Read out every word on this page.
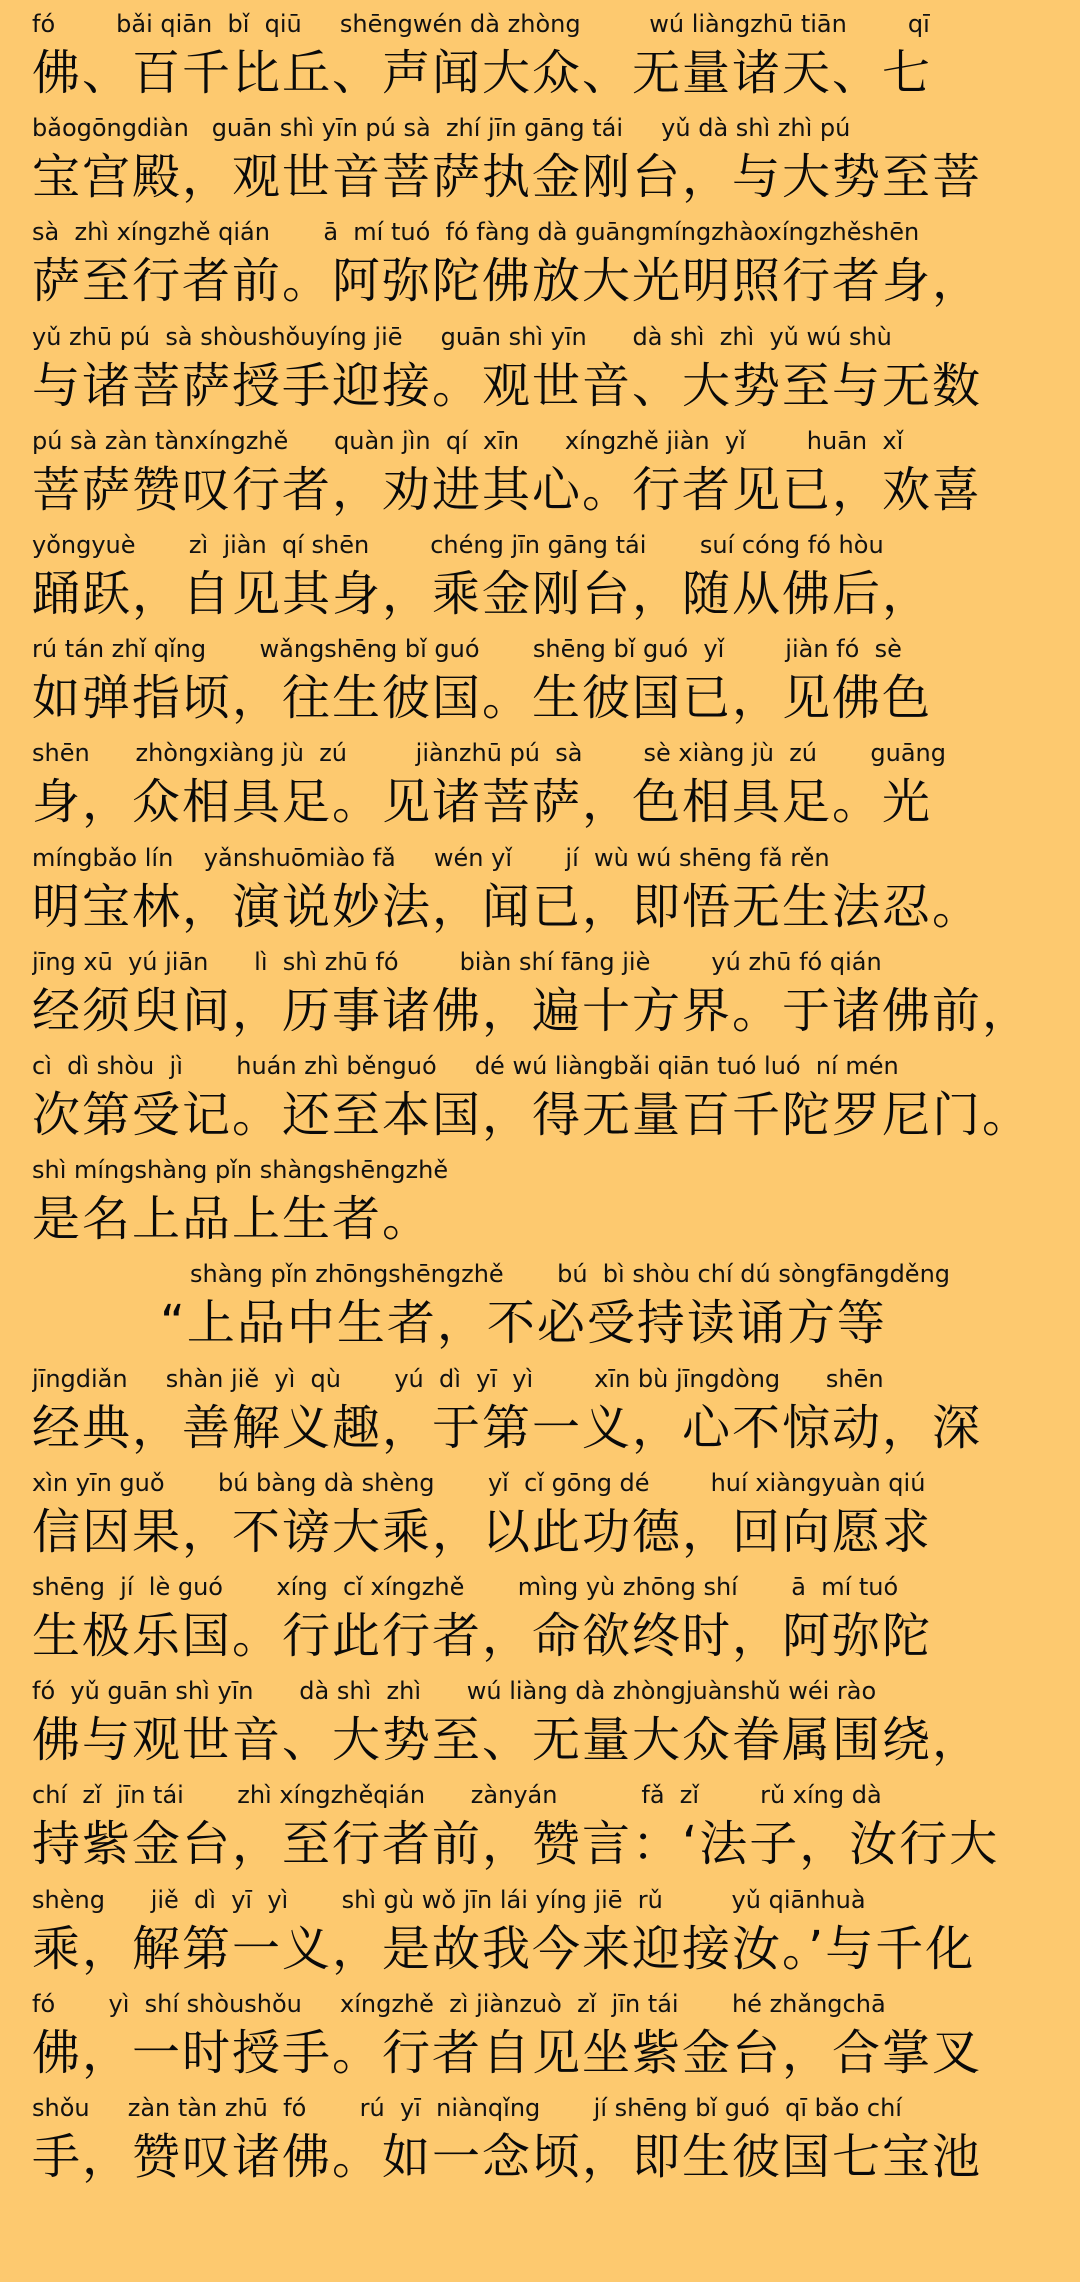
fó        bǎi qiān  bǐ  qiū     shēngwén dà zhòng         wú liàngzhū tiān        qī
佛、百千比丘、声闻大众、无量诸天、七
bǎogōngdiàn   guān shì yīn pú sà  zhí jīn gāng tái     yǔ dà shì zhì pú
宝宫殿，观世音菩萨执金刚台，与大势至菩
sà  zhì xíngzhě qián       ā  mí tuó  fó fàng dà guāngmíngzhàoxíngzhěshēn
萨至行者前。阿弥陀佛放大光明照行者身，
yǔ zhū pú  sà shòushǒuyíng jiē     guān shì yīn      dà shì  zhì  yǔ wú shù
与诸菩萨授手迎接。观世音、大势至与无数
pú sà zàn tànxíngzhě      quàn jìn  qí  xīn      xíngzhě jiàn  yǐ        huān  xǐ
菩萨赞叹行者，劝进其心。行者见已，欢喜
yǒngyuè       zì  jiàn  qí shēn        chéng jīn gāng tái       suí cóng fó hòu
踊跃，自见其身，乘金刚台，随从佛后，
rú tán zhǐ qǐng       wǎngshēng bǐ guó       shēng bǐ guó  yǐ        jiàn fó  sè
如弹指顷，往生彼国。生彼国已，见佛色
shēn      zhòngxiàng jù  zú         jiànzhū pú  sà        sè xiàng jù  zú       guāng
身，众相具足。见诸菩萨，色相具足。光
míngbǎo lín    yǎnshuōmiào fǎ     wén yǐ       jí  wù wú shēng fǎ rěn
明宝林，演说妙法，闻已，即悟无生法忍。
jīng xū  yú jiān      lì  shì zhū fó        biàn shí fāng jiè        yú zhū fó qián
经须臾间，历事诸佛，遍十方界。于诸佛前，
cì  dì shòu  jì       huán zhì běnguó     dé wú liàngbǎi qiān tuó luó  ní mén
次第受记。还至本国，得无量百千陀罗尼门。
shì míngshàng pǐn shàngshēngzhě
是名上品上生者。
shàng pǐn zhōngshēngzhě       bú  bì shòu chí dú sòngfāngděng
“上品中生者，不必受持读诵方等
jīngdiǎn     shàn jiě  yì  qù       yú  dì  yī  yì        xīn bù jīngdòng      shēn
经典，善解义趣，于第一义，心不惊动，深
xìn yīn guǒ       bú bàng dà shèng       yǐ  cǐ gōng dé        huí xiàngyuàn qiú
信因果，不谤大乘，以此功德，回向愿求
shēng  jí  lè guó       xíng  cǐ xíngzhě       mìng yù zhōng shí       ā  mí tuó
生极乐国。行此行者，命欲终时，阿弥陀
fó  yǔ guān shì yīn      dà shì  zhì      wú liàng dà zhòngjuànshǔ wéi rào
佛与观世音、大势至、无量大众眷属围绕，
chí  zǐ  jīn tái       zhì xíngzhěqián      zànyán           fǎ  zǐ        rǔ xíng dà
持紫金台，至行者前，赞言：‘法子，汝行大
shèng      jiě  dì  yī  yì       shì gù wǒ jīn lái yíng jiē  rǔ         yǔ qiānhuà
乘，解第一义，是故我今来迎接汝。’与千化
fó       yì  shí shòushǒu     xíngzhě  zì jiànzuò  zǐ  jīn tái       hé zhǎngchā
佛，一时授手。行者自见坐紫金台，合掌叉
shǒu     zàn tàn zhū  fó       rú  yī  niànqǐng       jí shēng bǐ guó  qī bǎo chí
手，赞叹诸佛。如一念顷，即生彼国七宝池
